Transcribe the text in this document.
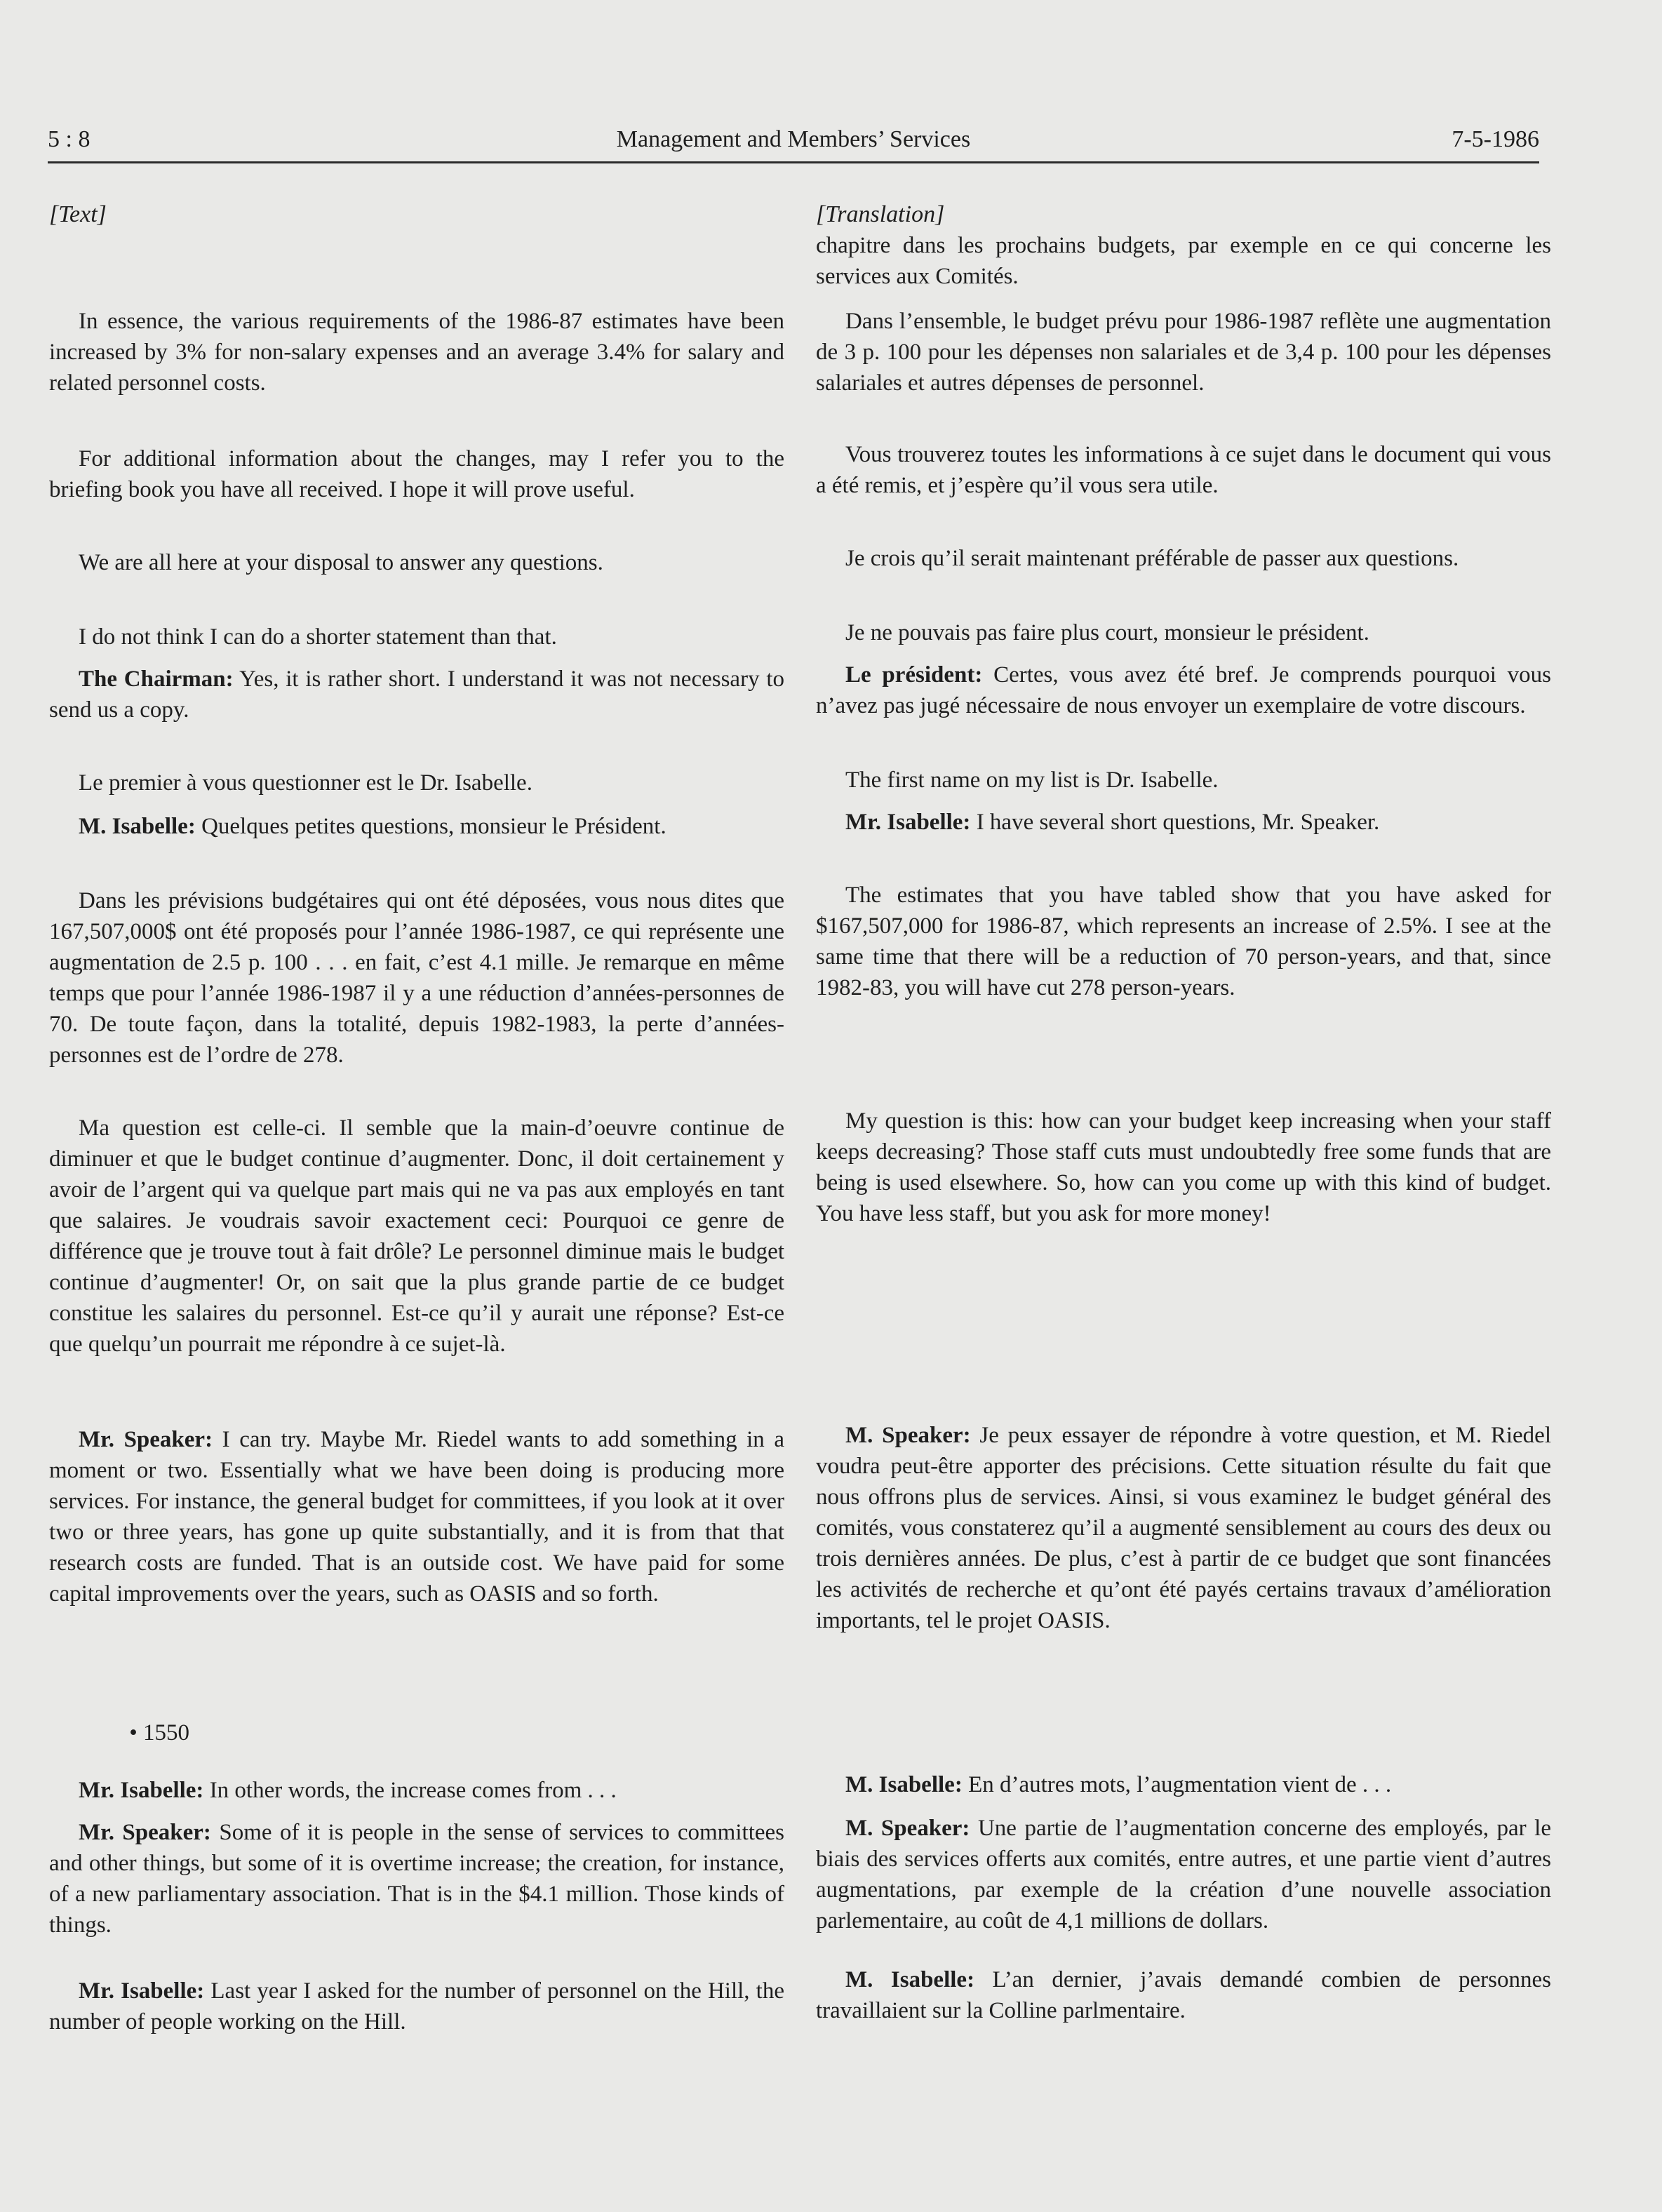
5 : 8	Management and Members’ Services	7-5-1986

[Text]

In essence, the various requirements of the 1986-87 estimates have been increased by 3% for non-salary expenses and an average 3.4% for salary and related personnel costs.

For additional information about the changes, may I refer you to the briefing book you have all received. I hope it will prove useful.

We are all here at your disposal to answer any questions.

I do not think I can do a shorter statement than that.

The Chairman: Yes, it is rather short. I understand it was not necessary to send us a copy.

Le premier à vous questionner est le Dr. Isabelle.

M. Isabelle: Quelques petites questions, monsieur le Président.

Dans les prévisions budgétaires qui ont été déposées, vous nous dites que 167,507,000$ ont été proposés pour l’année 1986-1987, ce qui représente une augmentation de 2.5 p. 100 . . . en fait, c’est 4.1 mille. Je remarque en même temps que pour l’année 1986-1987 il y a une réduction d’années-personnes de 70. De toute façon, dans la totalité, depuis 1982-1983, la perte d’années-personnes est de l’ordre de 278.

Ma question est celle-ci. Il semble que la main-d’oeuvre continue de diminuer et que le budget continue d’augmenter. Donc, il doit certainement y avoir de l’argent qui va quelque part mais qui ne va pas aux employés en tant que salaires. Je voudrais savoir exactement ceci: Pourquoi ce genre de différence que je trouve tout à fait drôle? Le personnel diminue mais le budget continue d’augmenter! Or, on sait que la plus grande partie de ce budget constitue les salaires du personnel. Est-ce qu’il y aurait une réponse? Est-ce que quelqu’un pourrait me répondre à ce sujet-là.

Mr. Speaker: I can try. Maybe Mr. Riedel wants to add something in a moment or two. Essentially what we have been doing is producing more services. For instance, the general budget for committees, if you look at it over two or three years, has gone up quite substantially, and it is from that that research costs are funded. That is an outside cost. We have paid for some capital improvements over the years, such as OASIS and so forth.

• 1550

Mr. Isabelle: In other words, the increase comes from . . .

Mr. Speaker: Some of it is people in the sense of services to committees and other things, but some of it is overtime increase; the creation, for instance, of a new parliamentary association. That is in the $4.1 million. Those kinds of things.

Mr. Isabelle: Last year I asked for the number of personnel on the Hill, the number of people working on the Hill.

[Translation]

chapitre dans les prochains budgets, par exemple en ce qui concerne les services aux Comités.

Dans l’ensemble, le budget prévu pour 1986-1987 reflète une augmentation de 3 p. 100 pour les dépenses non salariales et de 3,4 p. 100 pour les dépenses salariales et autres dépenses de personnel.

Vous trouverez toutes les informations à ce sujet dans le document qui vous a été remis, et j’espère qu’il vous sera utile.

Je crois qu’il serait maintenant préférable de passer aux questions.

Je ne pouvais pas faire plus court, monsieur le président.

Le président: Certes, vous avez été bref. Je comprends pourquoi vous n’avez pas jugé nécessaire de nous envoyer un exemplaire de votre discours.

The first name on my list is Dr. Isabelle.

Mr. Isabelle: I have several short questions, Mr. Speaker.

The estimates that you have tabled show that you have asked for $167,507,000 for 1986-87, which represents an increase of 2.5%. I see at the same time that there will be a reduction of 70 person-years, and that, since 1982-83, you will have cut 278 person-years.

My question is this: how can your budget keep increasing when your staff keeps decreasing? Those staff cuts must undoubtedly free some funds that are being is used elsewhere. So, how can you come up with this kind of budget. You have less staff, but you ask for more money!

M. Speaker: Je peux essayer de répondre à votre question, et M. Riedel voudra peut-être apporter des précisions. Cette situation résulte du fait que nous offrons plus de services. Ainsi, si vous examinez le budget général des comités, vous constaterez qu’il a augmenté sensiblement au cours des deux ou trois dernières années. De plus, c’est à partir de ce budget que sont financées les activités de recherche et qu’ont été payés certains travaux d’amélioration importants, tel le projet OASIS.

M. Isabelle: En d’autres mots, l’augmentation vient de . . .

M. Speaker: Une partie de l’augmentation concerne des employés, par le biais des services offerts aux comités, entre autres, et une partie vient d’autres augmentations, par exemple de la création d’une nouvelle association parlementaire, au coût de 4,1 millions de dollars.

M. Isabelle: L’an dernier, j’avais demandé combien de personnes travaillaient sur la Colline parlmentaire.
